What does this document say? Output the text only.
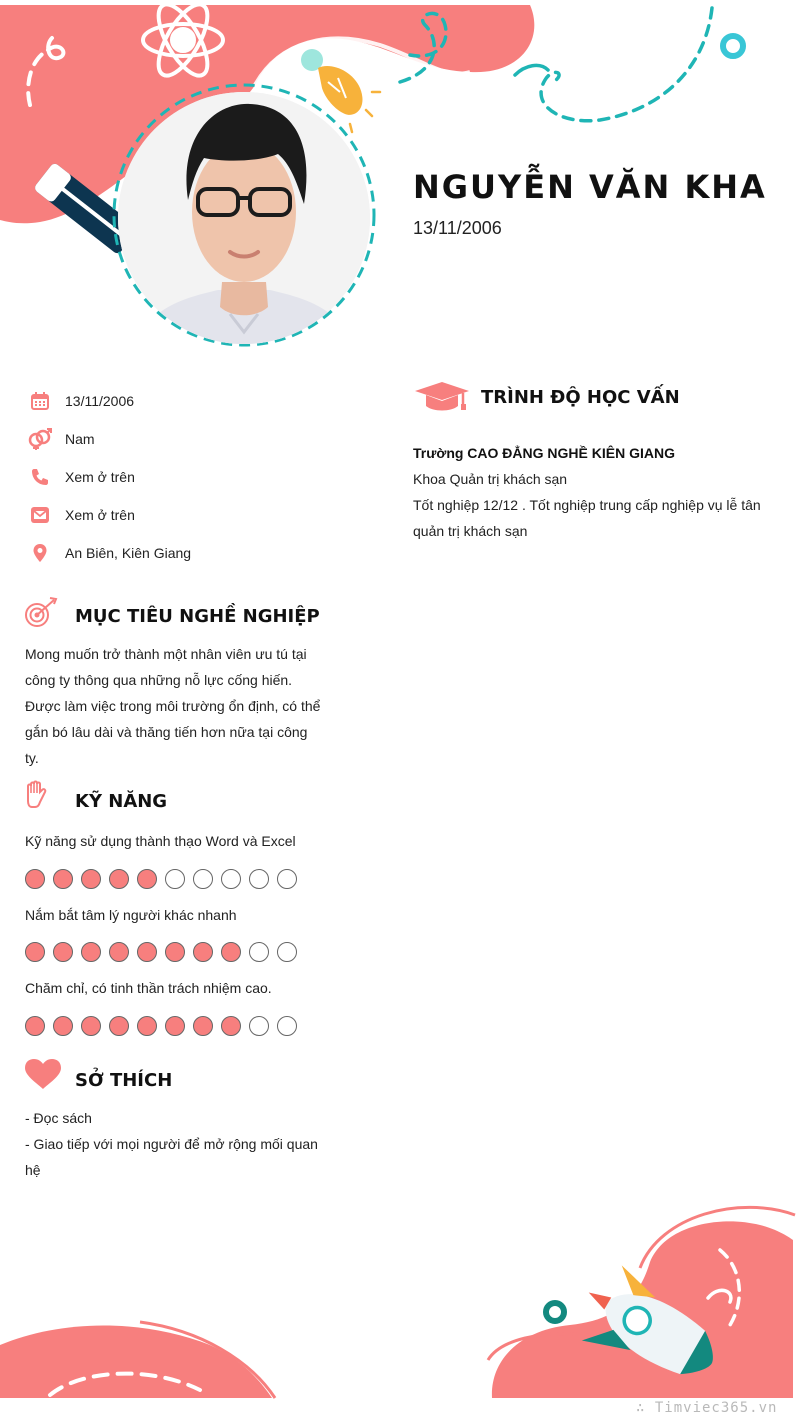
NGUYỄN VĂN KHA
13/11/2006
13/11/2006
Nam
Xem ở trên
Xem ở trên
An Biên, Kiên Giang
MỤC TIÊU NGHỀ NGHIỆP
Mong muốn trở thành một nhân viên ưu tú tại
công ty thông qua những nỗ lực cống hiến.
Được làm việc trong môi trường ổn định, có thể
gắn bó lâu dài và thăng tiến hơn nữa tại công
ty.
KỸ NĂNG
Kỹ năng sử dụng thành thạo Word và Excel
Nắm bắt tâm lý người khác nhanh
Chăm chỉ, có tinh thần trách nhiệm cao.
SỞ THÍCH
- Đọc sách
- Giao tiếp với mọi người để mở rộng mối quan
hệ
TRÌNH ĐỘ HỌC VẤN
Trường CAO ĐẲNG NGHỀ KIÊN GIANG
Khoa Quản trị khách sạn
Tốt nghiệp 12/12 . Tốt nghiệp trung cấp nghiệp vụ lễ tân
quản trị khách sạn
∴ Timviec365.vn
